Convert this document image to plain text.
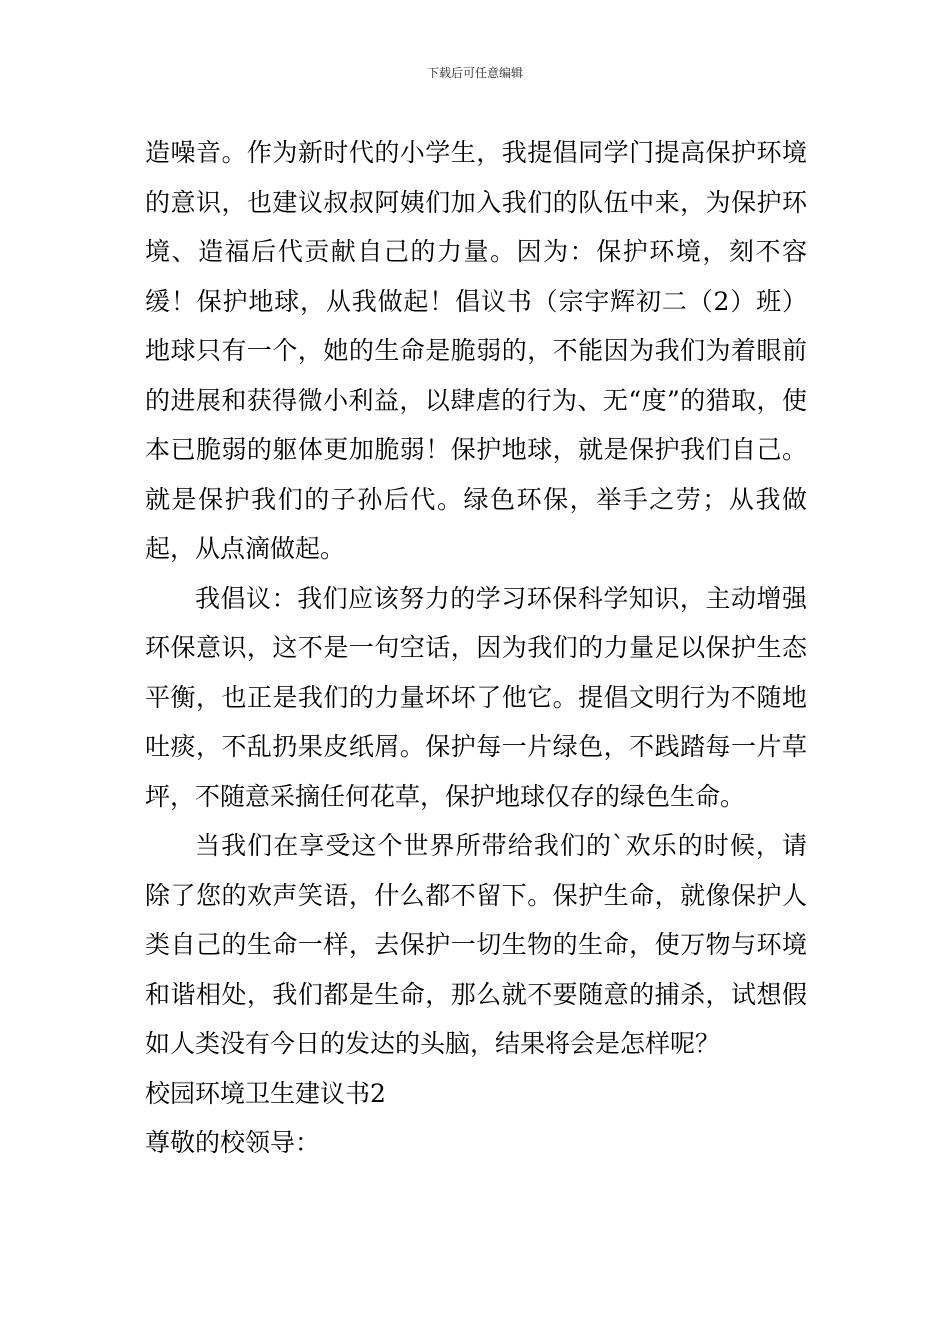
下载后可任意编辑

造噪音。作为新时代的小学生，我提倡同学门提高保护环境的意识，也建议叔叔阿姨们加入我们的队伍中来，为保护环境、造福后代贡献自己的力量。因为：保护环境，刻不容缓！保护地球，从我做起！倡议书（宗宇辉初二（2）班）地球只有一个，她的生命是脆弱的，不能因为我们为着眼前的进展和获得微小利益，以肆虐的行为、无“度”的猎取，使本已脆弱的躯体更加脆弱！保护地球，就是保护我们自己。就是保护我们的子孙后代。绿色环保，举手之劳；从我做起，从点滴做起。

我倡议：我们应该努力的学习环保科学知识，主动增强环保意识，这不是一句空话，因为我们的力量足以保护生态平衡，也正是我们的力量坏坏了他它。提倡文明行为不随地吐痰，不乱扔果皮纸屑。保护每一片绿色，不践踏每一片草坪，不随意采摘任何花草，保护地球仅存的绿色生命。

当我们在享受这个世界所带给我们的`欢乐的时候，请除了您的欢声笑语，什么都不留下。保护生命，就像保护人类自己的生命一样，去保护一切生物的生命，使万物与环境和谐相处，我们都是生命，那么就不要随意的捕杀，试想假如人类没有今日的发达的头脑，结果将会是怎样呢？

校园环境卫生建议书2

尊敬的校领导：
